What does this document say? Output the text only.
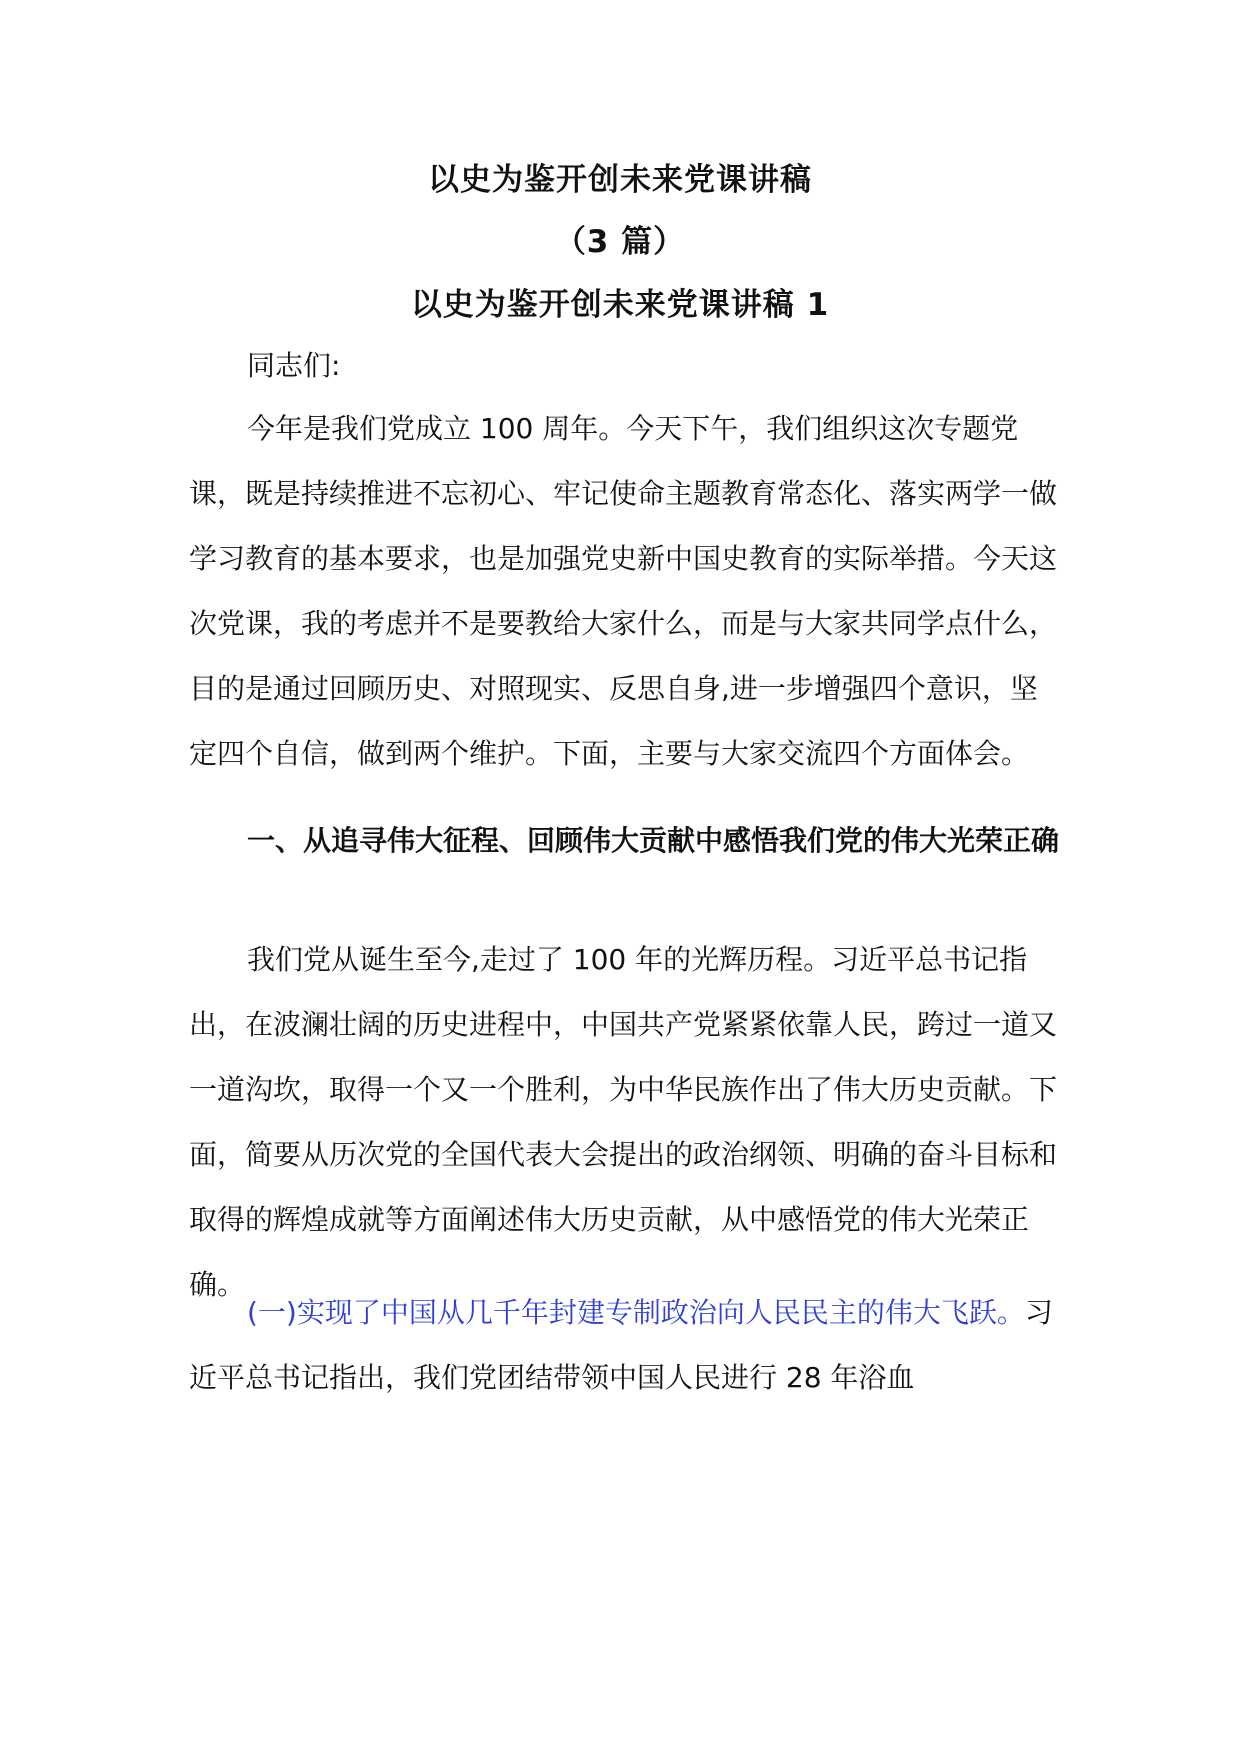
以史为鉴开创未来党课讲稿
（3 篇）
以史为鉴开创未来党课讲稿 1
同志们:
今年是我们党成立 100 周年。今天下午，我们组织这次专题党课，既是持续推进不忘初心、牢记使命主题教育常态化、落实两学一做学习教育的基本要求，也是加强党史新中国史教育的实际举措。今天这次党课，我的考虑并不是要教给大家什么，而是与大家共同学点什么，目的是通过回顾历史、对照现实、反思自身,进一步增强四个意识，坚定四个自信，做到两个维护。下面，主要与大家交流四个方面体会。
一、从追寻伟大征程、回顾伟大贡献中感悟我们党的伟大光荣正确
我们党从诞生至今,走过了 100 年的光辉历程。习近平总书记指出，在波澜壮阔的历史进程中，中国共产党紧紧依靠人民，跨过一道又一道沟坎，取得一个又一个胜利，为中华民族作出了伟大历史贡献。下面，简要从历次党的全国代表大会提出的政治纲领、明确的奋斗目标和取得的辉煌成就等方面阐述伟大历史贡献，从中感悟党的伟大光荣正确。
(一)实现了中国从几千年封建专制政治向人民民主的伟大飞跃。习近平总书记指出，我们党团结带领中国人民进行 28 年浴血
